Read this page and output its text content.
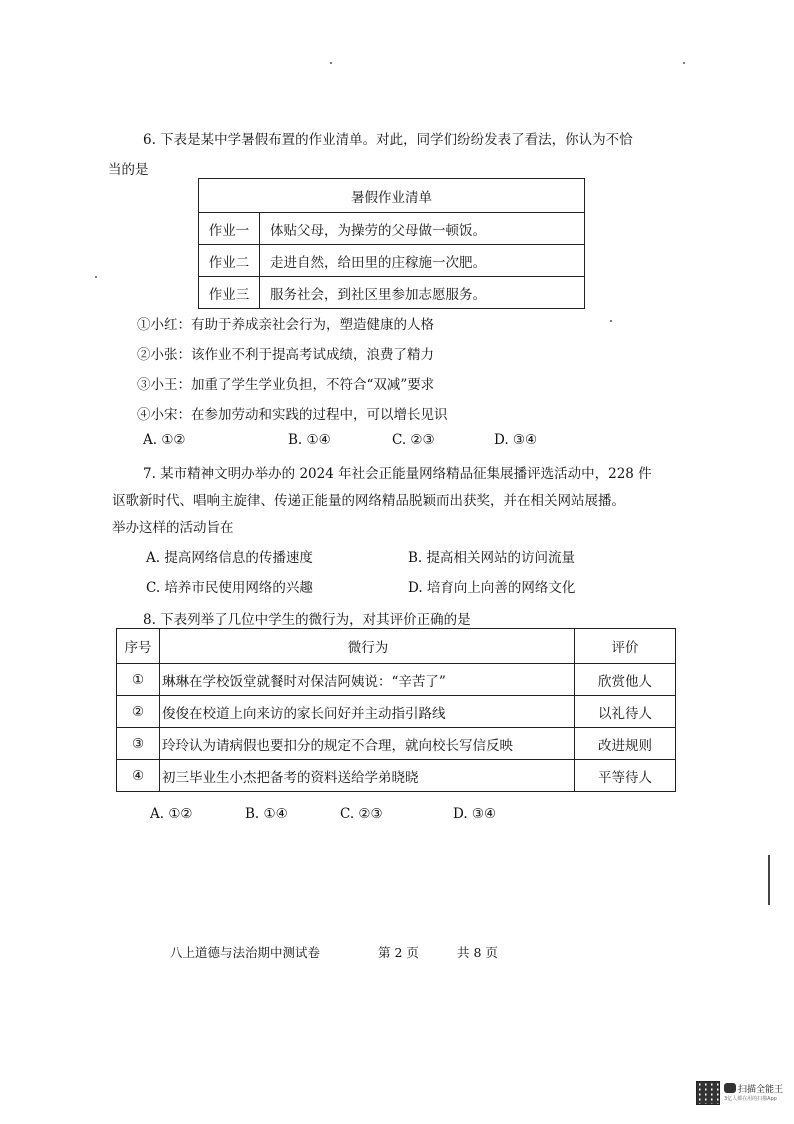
6. 下表是某中学暑假布置的作业清单。对此，同学们纷纷发表了看法，你认为不恰
当的是
暑假作业清单
作业一	体贴父母，为操劳的父母做一顿饭。
作业二	走进自然，给田里的庄稼施一次肥。
作业三	服务社会，到社区里参加志愿服务。
①小红：有助于养成亲社会行为，塑造健康的人格
②小张：该作业不利于提高考试成绩，浪费了精力
③小王：加重了学生学业负担，不符合“双减”要求
④小宋：在参加劳动和实践的过程中，可以增长见识
A. ①②	B. ①④	C. ②③	D. ③④
7. 某市精神文明办举办的 2024 年社会正能量网络精品征集展播评选活动中，228 件
讴歌新时代、唱响主旋律、传递正能量的网络精品脱颖而出获奖，并在相关网站展播。
举办这样的活动旨在
A. 提高网络信息的传播速度	B. 提高相关网站的访问流量
C. 培养市民使用网络的兴趣	D. 培育向上向善的网络文化
8. 下表列举了几位中学生的微行为，对其评价正确的是
序号	微行为	评价
①	琳琳在学校饭堂就餐时对保洁阿姨说：“辛苦了”	欣赏他人
②	俊俊在校道上向来访的家长问好并主动指引路线	以礼待人
③	玲玲认为请病假也要扣分的规定不合理，就向校长写信反映	改进规则
④	初三毕业生小杰把备考的资料送给学弟晓晓	平等待人
A. ①②	B. ①④	C. ②③	D. ③④
八上道德与法治期中测试卷	第 2 页	共 8 页
扫描全能王
3亿人都在用的扫描App
